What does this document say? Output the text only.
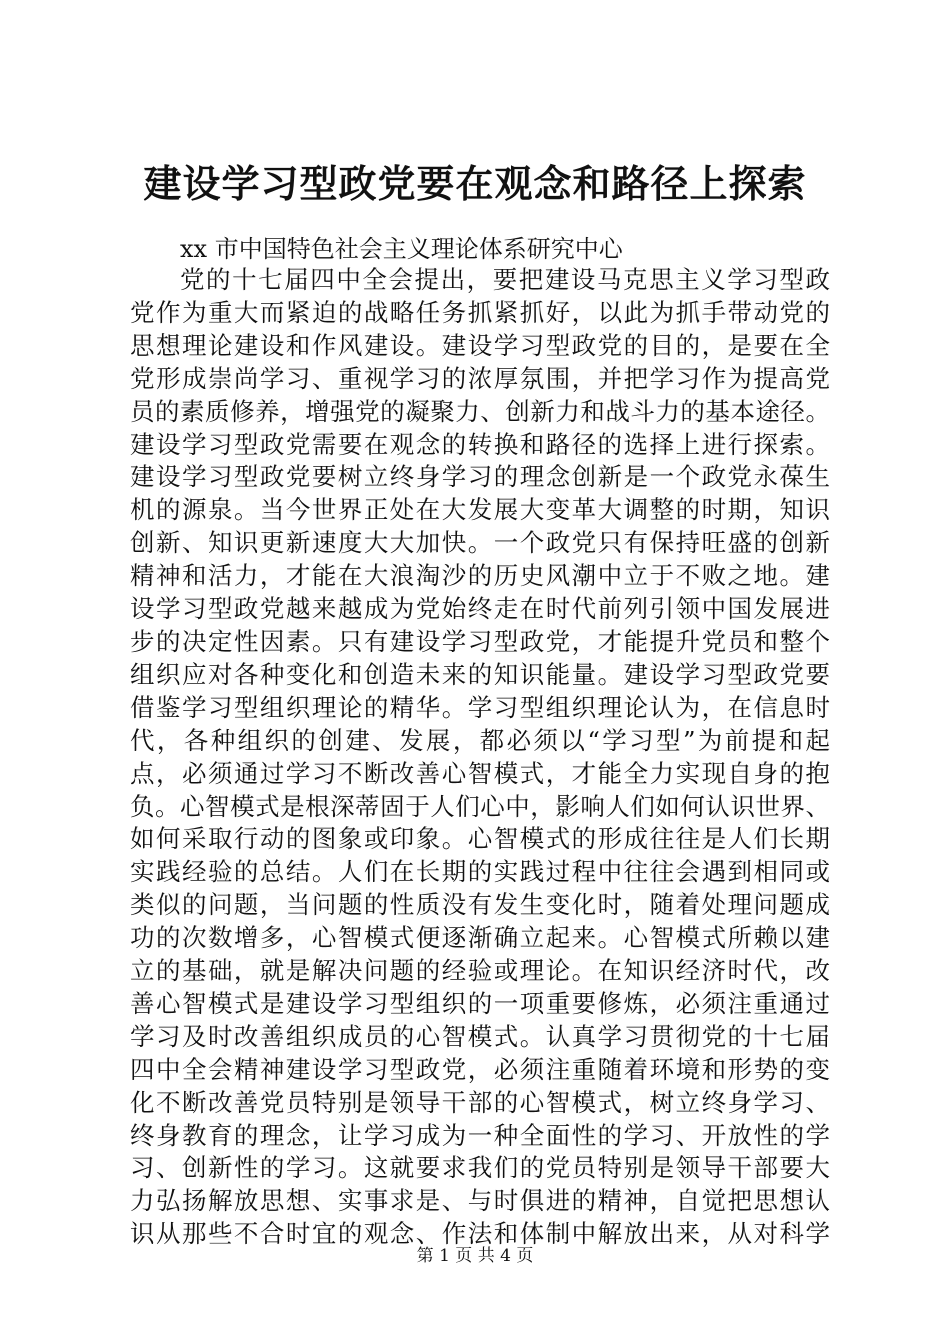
建设学习型政党要在观念和路径上探索
xx 市中国特色社会主义理论体系研究中心
党的十七届四中全会提出，要把建设马克思主义学习型政
党作为重大而紧迫的战略任务抓紧抓好，以此为抓手带动党的
思想理论建设和作风建设。建设学习型政党的目的，是要在全
党形成崇尚学习、重视学习的浓厚氛围，并把学习作为提高党
员的素质修养，增强党的凝聚力、创新力和战斗力的基本途径。
建设学习型政党需要在观念的转换和路径的选择上进行探索。
建设学习型政党要树立终身学习的理念创新是一个政党永葆生
机的源泉。当今世界正处在大发展大变革大调整的时期，知识
创新、知识更新速度大大加快。一个政党只有保持旺盛的创新
精神和活力，才能在大浪淘沙的历史风潮中立于不败之地。建
设学习型政党越来越成为党始终走在时代前列引领中国发展进
步的决定性因素。只有建设学习型政党，才能提升党员和整个
组织应对各种变化和创造未来的知识能量。建设学习型政党要
借鉴学习型组织理论的精华。学习型组织理论认为，在信息时
代，各种组织的创建、发展，都必须以“学习型”为前提和起
点，必须通过学习不断改善心智模式，才能全力实现自身的抱
负。心智模式是根深蒂固于人们心中，影响人们如何认识世界、
如何采取行动的图象或印象。心智模式的形成往往是人们长期
实践经验的总结。人们在长期的实践过程中往往会遇到相同或
类似的问题，当问题的性质没有发生变化时，随着处理问题成
功的次数增多，心智模式便逐渐确立起来。心智模式所赖以建
立的基础，就是解决问题的经验或理论。在知识经济时代，改
善心智模式是建设学习型组织的一项重要修炼，必须注重通过
学习及时改善组织成员的心智模式。认真学习贯彻党的十七届
四中全会精神建设学习型政党，必须注重随着环境和形势的变
化不断改善党员特别是领导干部的心智模式，树立终身学习、
终身教育的理念，让学习成为一种全面性的学习、开放性的学
习、创新性的学习。这就要求我们的党员特别是领导干部要大
力弘扬解放思想、实事求是、与时俱进的精神，自觉把思想认
识从那些不合时宜的观念、作法和体制中解放出来，从对科学
第 1 页 共 4 页
